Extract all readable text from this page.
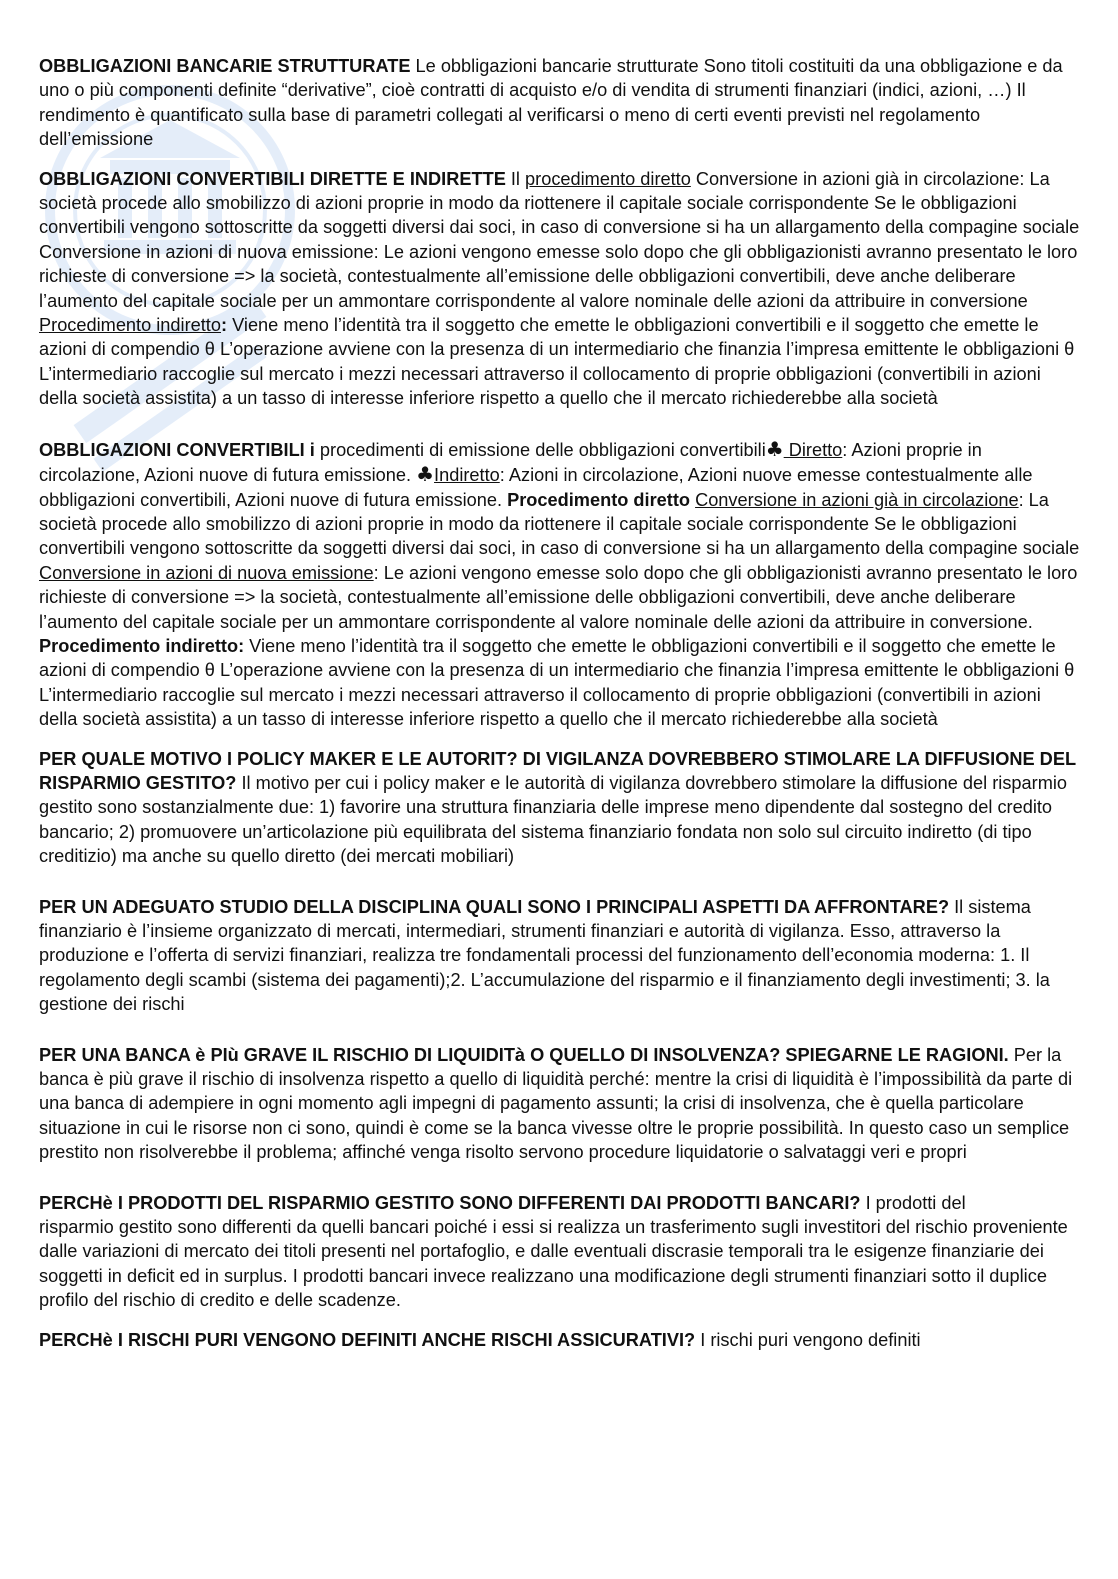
OBBLIGAZIONI BANCARIE STRUTTURATE Le obbligazioni bancarie strutturate Sono titoli costituiti da una obbligazione e da uno o più componenti definite “derivative”, cioè contratti di acquisto e/o di vendita di strumenti finanziari (indici, azioni, …) Il rendimento è quantificato sulla base di parametri collegati al verificarsi o meno di certi eventi previsti nel regolamento dell’emissione

OBBLIGAZIONI CONVERTIBILI DIRETTE E INDIRETTE Il procedimento diretto Conversione in azioni già in circolazione: La società procede allo smobilizzo di azioni proprie in modo da riottenere il capitale sociale corrispondente Se le obbligazioni convertibili vengono sottoscritte da soggetti diversi dai soci, in caso di conversione si ha un allargamento della compagine sociale Conversione in azioni di nuova emissione: Le azioni vengono emesse solo dopo che gli obbligazionisti avranno presentato le loro richieste di conversione => la società, contestualmente all’emissione delle obbligazioni convertibili, deve anche deliberare l’aumento del capitale sociale per un ammontare corrispondente al valore nominale delle azioni da attribuire in conversione Procedimento indiretto: Viene meno l’identità tra il soggetto che emette le obbligazioni convertibili e il soggetto che emette le azioni di compendio θ L’operazione avviene con la presenza di un intermediario che finanzia l’impresa emittente le obbligazioni θ L’intermediario raccoglie sul mercato i mezzi necessari attraverso il collocamento di proprie obbligazioni (convertibili in azioni della società assistita) a un tasso di interesse inferiore rispetto a quello che il mercato richiederebbe alla società

OBBLIGAZIONI CONVERTIBILI i procedimenti di emissione delle obbligazioni convertibili♣ Diretto: Azioni proprie in circolazione, Azioni nuove di futura emissione. ♣Indiretto: Azioni in circolazione, Azioni nuove emesse contestualmente alle obbligazioni convertibili, Azioni nuove di futura emissione. Procedimento diretto Conversione in azioni già in circolazione: La società procede allo smobilizzo di azioni proprie in modo da riottenere il capitale sociale corrispondente Se le obbligazioni convertibili vengono sottoscritte da soggetti diversi dai soci, in caso di conversione si ha un allargamento della compagine sociale Conversione in azioni di nuova emissione: Le azioni vengono emesse solo dopo che gli obbligazionisti avranno presentato le loro richieste di conversione => la società, contestualmente all’emissione delle obbligazioni convertibili, deve anche deliberare l’aumento del capitale sociale per un ammontare corrispondente al valore nominale delle azioni da attribuire in conversione. Procedimento indiretto: Viene meno l’identità tra il soggetto che emette le obbligazioni convertibili e il soggetto che emette le azioni di compendio θ L’operazione avviene con la presenza di un intermediario che finanzia l’impresa emittente le obbligazioni θ L’intermediario raccoglie sul mercato i mezzi necessari attraverso il collocamento di proprie obbligazioni (convertibili in azioni della società assistita) a un tasso di interesse inferiore rispetto a quello che il mercato richiederebbe alla società

PER QUALE MOTIVO I POLICY MAKER E LE AUTORIT? DI VIGILANZA DOVREBBERO STIMOLARE LA DIFFUSIONE DEL RISPARMIO GESTITO? Il motivo per cui i policy maker e le autorità di vigilanza dovrebbero stimolare la diffusione del risparmio gestito sono sostanzialmente due: 1) favorire una struttura finanziaria delle imprese meno dipendente dal sostegno del credito bancario; 2) promuovere un’articolazione più equilibrata del sistema finanziario fondata non solo sul circuito indiretto (di tipo creditizio) ma anche su quello diretto (dei mercati mobiliari)

PER UN ADEGUATO STUDIO DELLA DISCIPLINA QUALI SONO I PRINCIPALI ASPETTI DA AFFRONTARE? Il sistema finanziario è l’insieme organizzato di mercati, intermediari, strumenti finanziari e autorità di vigilanza. Esso, attraverso la produzione e l’offerta di servizi finanziari, realizza tre fondamentali processi del funzionamento dell’economia moderna: 1. Il regolamento degli scambi (sistema dei pagamenti);2. L’accumulazione del risparmio e il finanziamento degli investimenti; 3. la gestione dei rischi

PER UNA BANCA è PIù GRAVE IL RISCHIO DI LIQUIDITà O QUELLO DI INSOLVENZA? SPIEGARNE LE RAGIONI. Per la banca è più grave il rischio di insolvenza rispetto a quello di liquidità perché: mentre la crisi di liquidità è l’impossibilità da parte di una banca di adempiere in ogni momento agli impegni di pagamento assunti; la crisi di insolvenza, che è quella particolare situazione in cui le risorse non ci sono, quindi è come se la banca vivesse oltre le proprie possibilità. In questo caso un semplice prestito non risolverebbe il problema; affinché venga risolto servono procedure liquidatorie o salvataggi veri e propri

PERCHè I PRODOTTI DEL RISPARMIO GESTITO SONO DIFFERENTI DAI PRODOTTI BANCARI? I prodotti del
risparmio gestito sono differenti da quelli bancari poiché i essi si realizza un trasferimento sugli investitori del rischio proveniente dalle variazioni di mercato dei titoli presenti nel portafoglio, e dalle eventuali discrasie temporali tra le esigenze finanziarie dei soggetti in deficit ed in surplus. I prodotti bancari invece realizzano una modificazione degli strumenti finanziari sotto il duplice profilo del rischio di credito e delle scadenze.

PERCHè I RISCHI PURI VENGONO DEFINITI ANCHE RISCHI ASSICURATIVI? I rischi puri vengono definiti
